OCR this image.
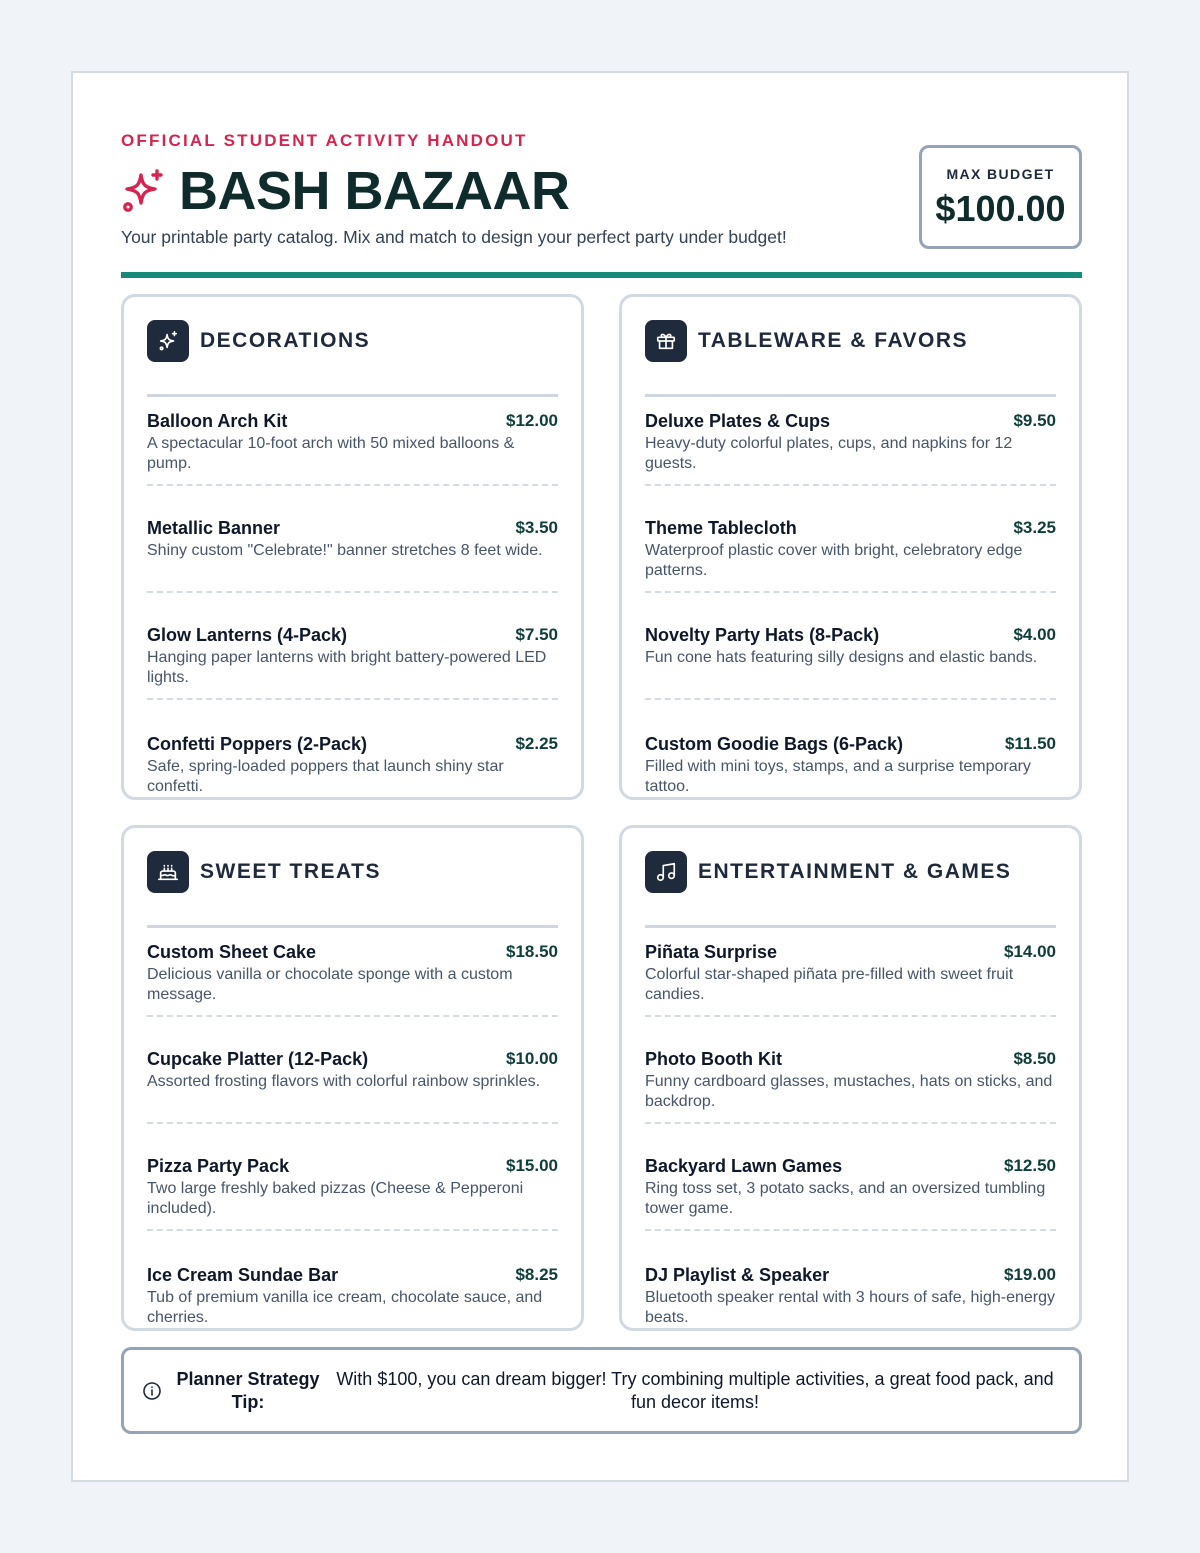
OFFICIAL STUDENT ACTIVITY HANDOUT
BASH BAZAAR
Your printable party catalog. Mix and match to design your perfect party under budget!
MAX BUDGET
$100.00
DECORATIONS
Balloon Arch Kit	$12.00
A spectacular 10-foot arch with 50 mixed balloons & pump.
Metallic Banner	$3.50
Shiny custom "Celebrate!" banner stretches 8 feet wide.
Glow Lanterns (4-Pack)	$7.50
Hanging paper lanterns with bright battery-powered LED lights.
Confetti Poppers (2-Pack)	$2.25
Safe, spring-loaded poppers that launch shiny star confetti.
TABLEWARE & FAVORS
Deluxe Plates & Cups	$9.50
Heavy-duty colorful plates, cups, and napkins for 12 guests.
Theme Tablecloth	$3.25
Waterproof plastic cover with bright, celebratory edge patterns.
Novelty Party Hats (8-Pack)	$4.00
Fun cone hats featuring silly designs and elastic bands.
Custom Goodie Bags (6-Pack)	$11.50
Filled with mini toys, stamps, and a surprise temporary tattoo.
SWEET TREATS
Custom Sheet Cake	$18.50
Delicious vanilla or chocolate sponge with a custom message.
Cupcake Platter (12-Pack)	$10.00
Assorted frosting flavors with colorful rainbow sprinkles.
Pizza Party Pack	$15.00
Two large freshly baked pizzas (Cheese & Pepperoni included).
Ice Cream Sundae Bar	$8.25
Tub of premium vanilla ice cream, chocolate sauce, and cherries.
ENTERTAINMENT & GAMES
Piñata Surprise	$14.00
Colorful star-shaped piñata pre-filled with sweet fruit candies.
Photo Booth Kit	$8.50
Funny cardboard glasses, mustaches, hats on sticks, and backdrop.
Backyard Lawn Games	$12.50
Ring toss set, 3 potato sacks, and an oversized tumbling tower game.
DJ Playlist & Speaker	$19.00
Bluetooth speaker rental with 3 hours of safe, high-energy beats.
Planner Strategy Tip:
With $100, you can dream bigger! Try combining multiple activities, a great food pack, and fun decor items!
